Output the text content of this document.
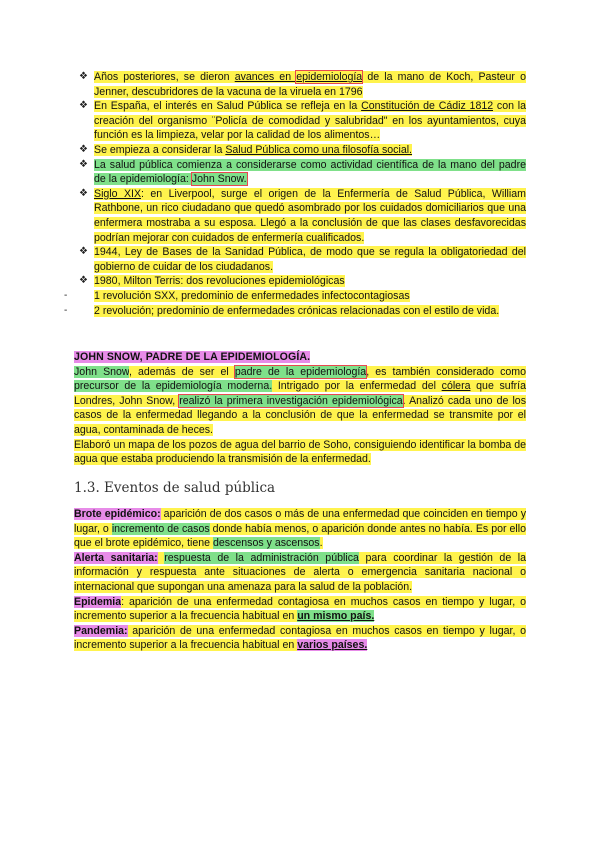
❖ Años posteriores, se dieron avances en epidemiología de la mano de Koch, Pasteur o Jenner, descubridores de la vacuna de la viruela en 1796
❖ En España, el interés en Salud Pública se refleja en la Constitución de Cádiz 1812 con la creación del organismo ¨Policía de comodidad y salubridad" en los ayuntamientos, cuya función es la limpieza, velar por la calidad de los alimentos…
❖ Se empieza a considerar la Salud Pública como una filosofía social.
❖ La salud pública comienza a considerarse como actividad científica de la mano del padre de la epidemiología: John Snow.
❖ Siglo XIX: en Liverpool, surge el origen de la Enfermería de Salud Pública, William Rathbone, un rico ciudadano que quedó asombrado por los cuidados domiciliarios que una enfermera mostraba a su esposa. Llegó a la conclusión de que las clases desfavorecidas podrían mejorar con cuidados de enfermería cualificados.
❖ 1944, Ley de Bases de la Sanidad Pública, de modo que se regula la obligatoriedad del gobierno de cuidar de los ciudadanos.
❖ 1980, Milton Terris: dos revoluciones epidemiológicas
-	1 revolución SXX, predominio de enfermedades infectocontagiosas
-	2 revolución; predominio de enfermedades crónicas relacionadas con el estilo de vida.
JOHN SNOW, PADRE DE LA EPIDEMIOLOGÍA.

John Snow, además de ser el padre de la epidemiología, es también considerado como precursor de la epidemiología moderna. Intrigado por la enfermedad del cólera que sufría Londres, John Snow, realizó la primera investigación epidemiológica. Analizó cada uno de los casos de la enfermedad llegando a la conclusión de que la enfermedad se transmite por el agua, contaminada de heces.

Elaboró un mapa de los pozos de agua del barrio de Soho, consiguiendo identificar la bomba de agua que estaba produciendo la transmisión de la enfermedad.

1.3. Eventos de salud pública

Brote epidémico: aparición de dos casos o más de una enfermedad que coinciden en tiempo y lugar, o incremento de casos donde había menos, o aparición donde antes no había. Es por ello que el brote epidémico, tiene descensos y ascensos.

Alerta sanitaria: respuesta de la administración pública para coordinar la gestión de la información y respuesta ante situaciones de alerta o emergencia sanitaria nacional o internacional que supongan una amenaza para la salud de la población.

Epidemia: aparición de una enfermedad contagiosa en muchos casos en tiempo y lugar, o incremento superior a la frecuencia habitual en un mismo país.

Pandemia: aparición de una enfermedad contagiosa en muchos casos en tiempo y lugar, o incremento superior a la frecuencia habitual en varios países.
